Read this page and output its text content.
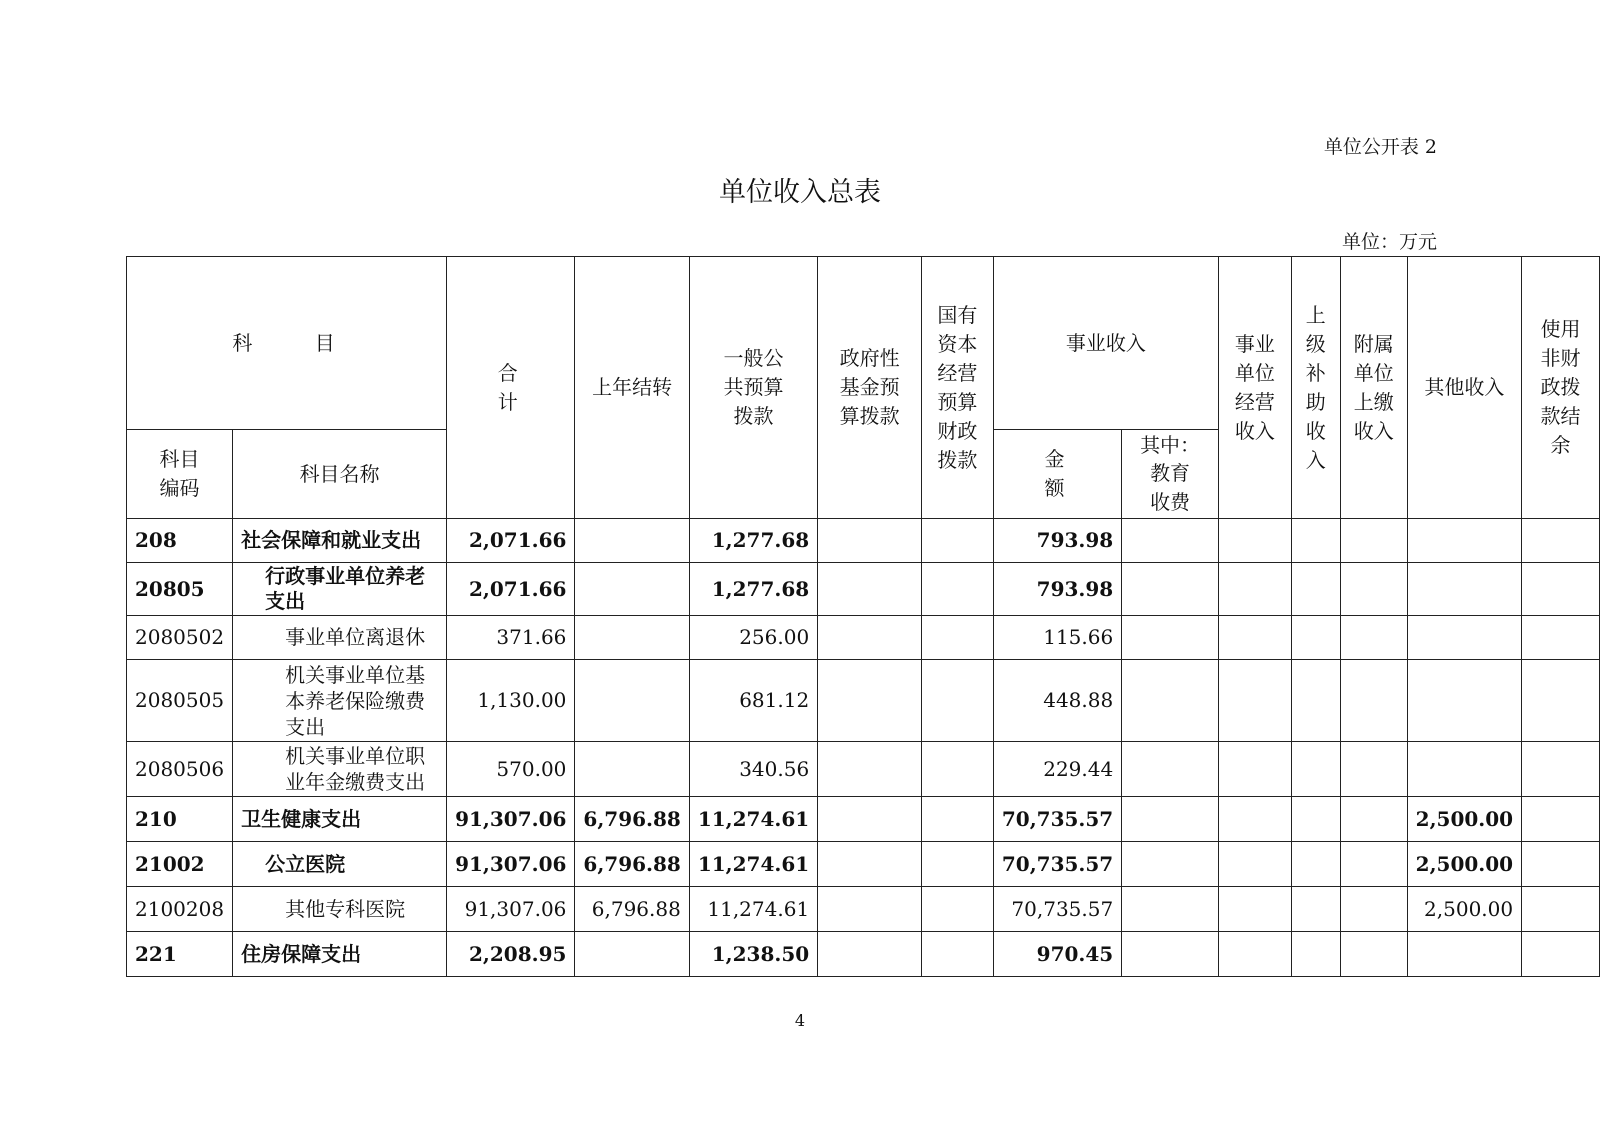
单位公开表 2
单位收入总表
单位：万元
科 目		合 计	上年结转	一般公共预算拨款	政府性基金预算拨款	国有资本经营预算财政拨款	事业收入		事业单位经营收入	上级补助收入	附属单位上缴收入	其他收入	使用非财政拨款结余
科目编码	科目名称						金 额	其中：
教育收费					

208	社会保障和就业支出	2,071.66		1,277.68			793.98						
20805	行政事业单位养老支出	2,071.66		1,277.68			793.98						
2080502	事业单位离退休	371.66		256.00			115.66						
2080505	机关事业单位基本养老保险缴费支出	1,130.00		681.12			448.88						
2080506	机关事业单位职业年金缴费支出	570.00		340.56			229.44						
210	卫生健康支出	91,307.06	6,796.88	11,274.61			70,735.57					2,500.00	
21002	公立医院	91,307.06	6,796.88	11,274.61			70,735.57					2,500.00	
2100208	其他专科医院	91,307.06	6,796.88	11,274.61			70,735.57					2,500.00	
221	住房保障支出	2,208.95		1,238.50			970.45						
4
